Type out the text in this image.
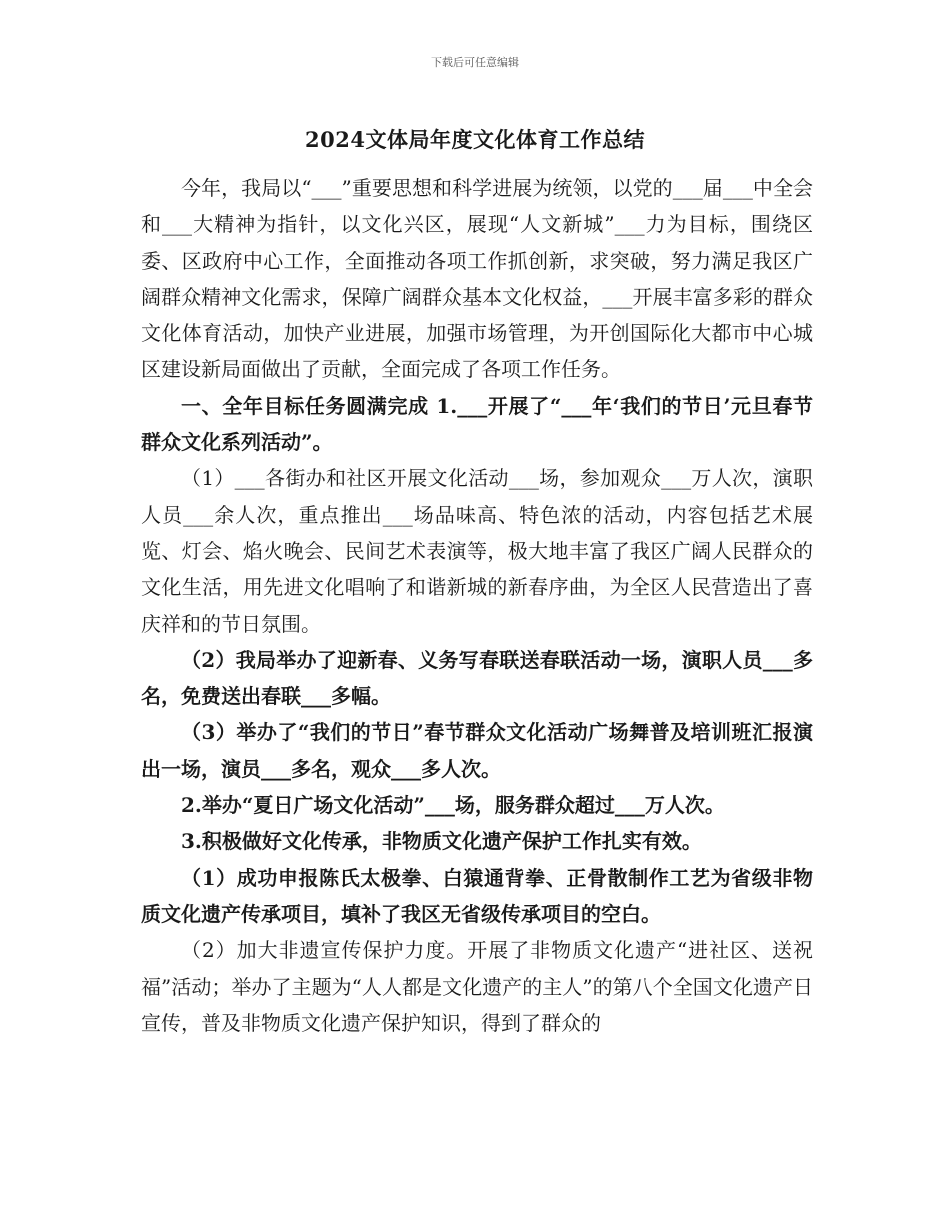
下载后可任意编辑
2024文体局年度文化体育工作总结

今年，我局以“___”重要思想和科学进展为统领，以党的___届___中全会和___大精神为指针，以文化兴区，展现“人文新城”___力为目标，围绕区委、区政府中心工作，全面推动各项工作抓创新，求突破，努力满足我区广阔群众精神文化需求，保障广阔群众基本文化权益，___开展丰富多彩的群众文化体育活动，加快产业进展，加强市场管理，为开创国际化大都市中心城区建设新局面做出了贡献，全面完成了各项工作任务。

一、全年目标任务圆满完成 1.___开展了“___年‘我们的节日’元旦春节群众文化系列活动”。

（1）___各街办和社区开展文化活动___场，参加观众___万人次，演职人员___余人次，重点推出___场品味高、特色浓的活动，内容包括艺术展览、灯会、焰火晚会、民间艺术表演等，极大地丰富了我区广阔人民群众的文化生活，用先进文化唱响了和谐新城的新春序曲，为全区人民营造出了喜庆祥和的节日氛围。

（2）我局举办了迎新春、义务写春联送春联活动一场，演职人员___多名，免费送出春联___多幅。

（3）举办了“我们的节日”春节群众文化活动广场舞普及培训班汇报演出一场，演员___多名，观众___多人次。

2.举办“夏日广场文化活动”___场，服务群众超过___万人次。

3.积极做好文化传承，非物质文化遗产保护工作扎实有效。

（1）成功申报陈氏太极拳、白猿通背拳、正骨散制作工艺为省级非物质文化遗产传承项目，填补了我区无省级传承项目的空白。

（2）加大非遗宣传保护力度。开展了非物质文化遗产“进社区、送祝福”活动；举办了主题为“人人都是文化遗产的主人”的第八个全国文化遗产日宣传，普及非物质文化遗产保护知识，得到了群众的
